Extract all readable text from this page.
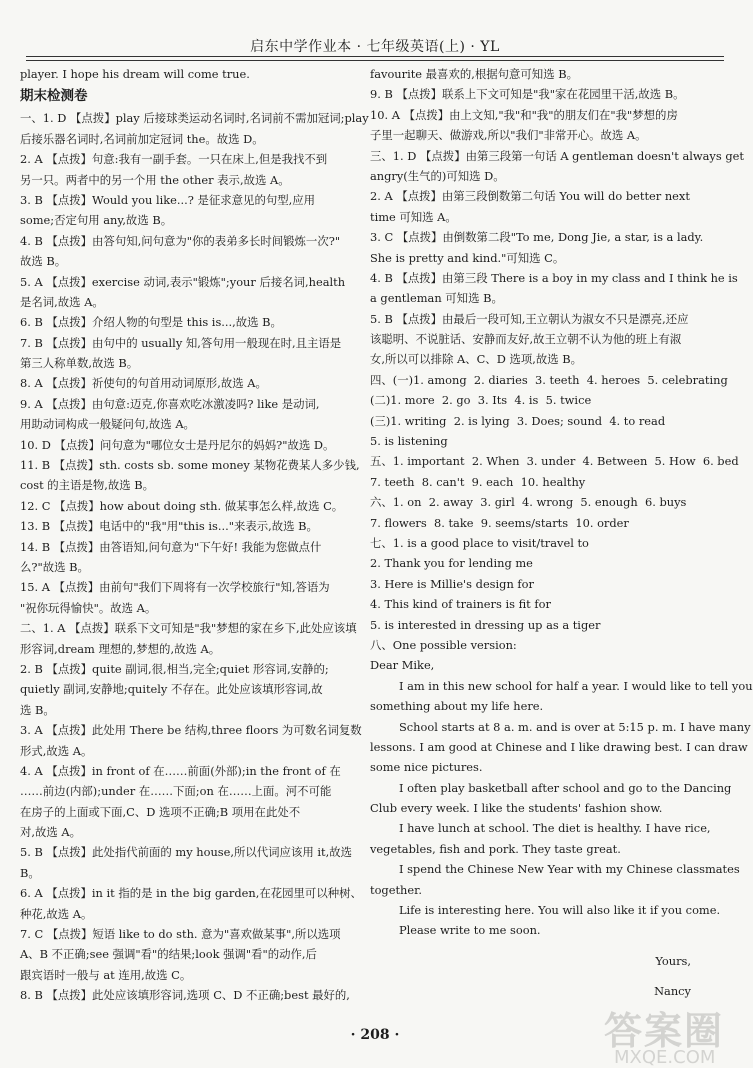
启东中学作业本 · 七年级英语(上) · YL
player. I hope his dream will come true.
期末检测卷
一、1. D 【点拨】play 后接球类运动名词时,名词前不需加冠词;play
后接乐器名词时,名词前加定冠词 the。故选 D。
2. A 【点拨】句意:我有一副手套。一只在床上,但是我找不到
另一只。两者中的另一个用 the other 表示,故选 A。
3. B 【点拨】Would you like...? 是征求意见的句型,应用
some;否定句用 any,故选 B。
4. B 【点拨】由答句知,问句意为"你的表弟多长时间锻炼一次?"
故选 B。
5. A 【点拨】exercise 动词,表示"锻炼";your 后接名词,health
是名词,故选 A。
6. B 【点拨】介绍人物的句型是 this is...,故选 B。
7. B 【点拨】由句中的 usually 知,答句用一般现在时,且主语是
第三人称单数,故选 B。
8. A 【点拨】祈使句的句首用动词原形,故选 A。
9. A 【点拨】由句意:迈克,你喜欢吃冰激凌吗? like 是动词,
用助动词构成一般疑问句,故选 A。
10. D 【点拨】问句意为"哪位女士是丹尼尔的妈妈?"故选 D。
11. B 【点拨】sth. costs sb. some money 某物花费某人多少钱,
cost 的主语是物,故选 B。
12. C 【点拨】how about doing sth. 做某事怎么样,故选 C。
13. B 【点拨】电话中的"我"用"this is..."来表示,故选 B。
14. B 【点拨】由答语知,问句意为"下午好! 我能为您做点什
么?"故选 B。
15. A 【点拨】由前句"我们下周将有一次学校旅行"知,答语为
"祝你玩得愉快"。故选 A。
二、1. A 【点拨】联系下文可知是"我"梦想的家在乡下,此处应该填
形容词,dream 理想的,梦想的,故选 A。
2. B 【点拨】quite 副词,很,相当,完全;quiet 形容词,安静的;
quietly 副词,安静地;quitely 不存在。此处应该填形容词,故
选 B。
3. A 【点拨】此处用 There be 结构,three floors 为可数名词复数
形式,故选 A。
4. A 【点拨】in front of 在……前面(外部);in the front of 在
……前边(内部);under 在……下面;on 在……上面。河不可能
在房子的上面或下面,C、D 选项不正确;B 项用在此处不
对,故选 A。
5. B 【点拨】此处指代前面的 my house,所以代词应该用 it,故选
B。
6. A 【点拨】in it 指的是 in the big garden,在花园里可以种树、
种花,故选 A。
7. C 【点拨】短语 like to do sth. 意为"喜欢做某事",所以选项
A、B 不正确;see 强调"看"的结果;look 强调"看"的动作,后
跟宾语时一般与 at 连用,故选 C。
8. B 【点拨】此处应该填形容词,选项 C、D 不正确;best 最好的,
favourite 最喜欢的,根据句意可知选 B。
9. B 【点拨】联系上下文可知是"我"家在花园里干活,故选 B。
10. A 【点拨】由上文知,"我"和"我"的朋友们在"我"梦想的房
子里一起聊天、做游戏,所以"我们"非常开心。故选 A。
三、1. D 【点拨】由第三段第一句话 A gentleman doesn't always get
angry(生气的)可知选 D。
2. A 【点拨】由第三段倒数第二句话 You will do better next
time 可知选 A。
3. C 【点拨】由倒数第二段"To me, Dong Jie, a star, is a lady.
She is pretty and kind."可知选 C。
4. B 【点拨】由第三段 There is a boy in my class and I think he is
a gentleman 可知选 B。
5. B 【点拨】由最后一段可知,王立朝认为淑女不只是漂亮,还应
该聪明、不说脏话、安静而友好,故王立朝不认为他的班上有淑
女,所以可以排除 A、C、D 选项,故选 B。
四、(一)1. among  2. diaries  3. teeth  4. heroes  5. celebrating
(二)1. more  2. go  3. Its  4. is  5. twice
(三)1. writing  2. is lying  3. Does; sound  4. to read
5. is listening
五、1. important  2. When  3. under  4. Between  5. How  6. bed
7. teeth  8. can't  9. each  10. healthy
六、1. on  2. away  3. girl  4. wrong  5. enough  6. buys
7. flowers  8. take  9. seems/starts  10. order
七、1. is a good place to visit/travel to
2. Thank you for lending me
3. Here is Millie's design for
4. This kind of trainers is fit for
5. is interested in dressing up as a tiger
八、One possible version:
Dear Mike,
I am in this new school for half a year. I would like to tell you
something about my life here.
School starts at 8 a. m. and is over at 5:15 p. m. I have many
lessons. I am good at Chinese and I like drawing best. I can draw
some nice pictures.
I often play basketball after school and go to the Dancing
Club every week. I like the students' fashion show.
I have lunch at school. The diet is healthy. I have rice,
vegetables, fish and pork. They taste great.
I spend the Chinese New Year with my Chinese classmates
together.
Life is interesting here. You will also like it if you come.
Please write to me soon.
Yours,
Nancy
· 208 ·	答案圈
MXQE.COM
